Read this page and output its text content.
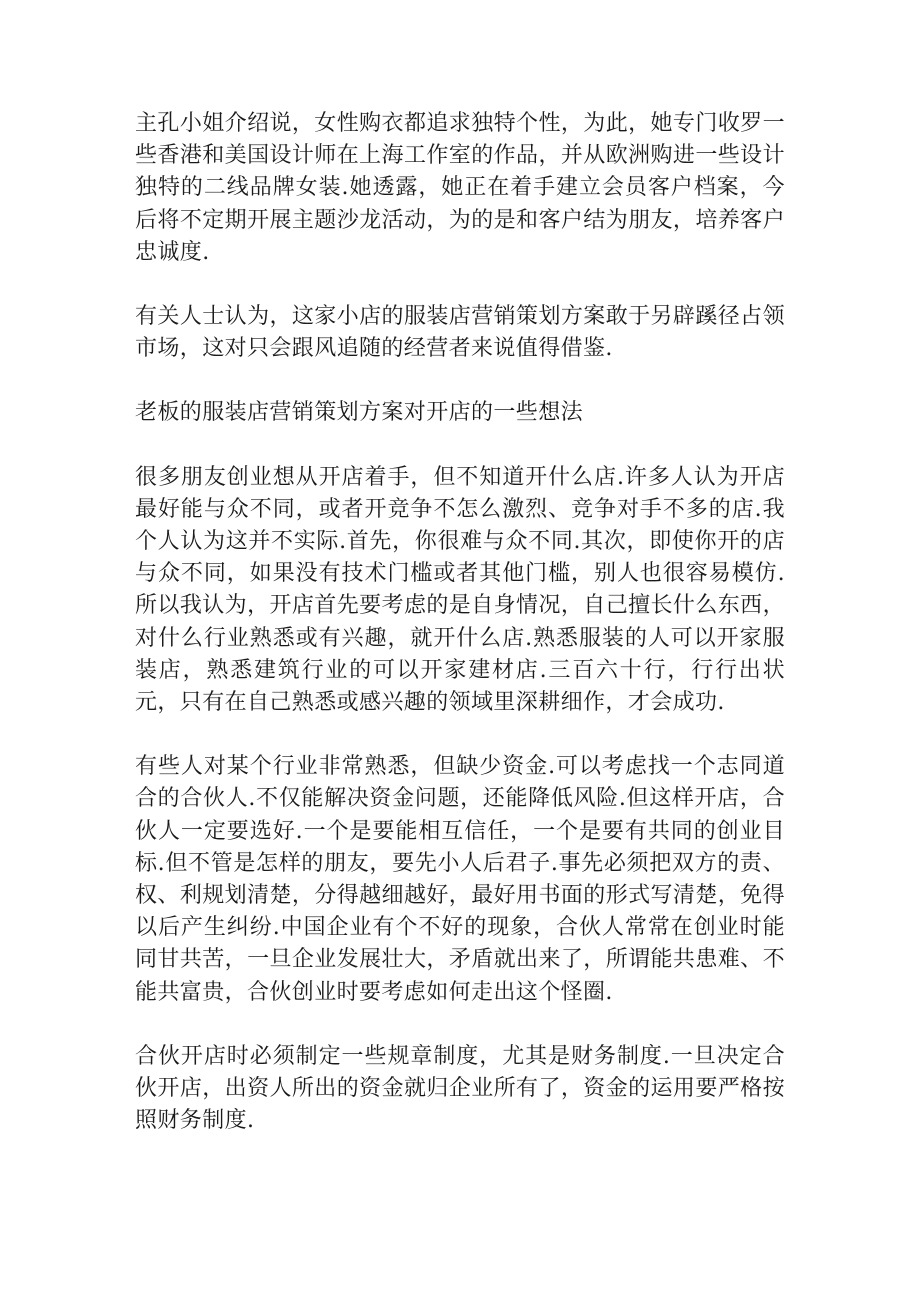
主孔小姐介绍说，女性购衣都追求独特个性，为此，她专门收罗一些香港和美国设计师在上海工作室的作品，并从欧洲购进一些设计独特的二线品牌女装.她透露，她正在着手建立会员客户档案，今后将不定期开展主题沙龙活动，为的是和客户结为朋友，培养客户忠诚度.

有关人士认为，这家小店的服装店营销策划方案敢于另辟蹊径占领市场，这对只会跟风追随的经营者来说值得借鉴.

老板的服装店营销策划方案对开店的一些想法

很多朋友创业想从开店着手，但不知道开什么店.许多人认为开店最好能与众不同，或者开竞争不怎么激烈、竞争对手不多的店.我个人认为这并不实际.首先，你很难与众不同.其次，即使你开的店与众不同，如果没有技术门槛或者其他门槛，别人也很容易模仿.所以我认为，开店首先要考虑的是自身情况，自己擅长什么东西，对什么行业熟悉或有兴趣，就开什么店.熟悉服装的人可以开家服装店，熟悉建筑行业的可以开家建材店.三百六十行，行行出状元，只有在自己熟悉或感兴趣的领域里深耕细作，才会成功.

有些人对某个行业非常熟悉，但缺少资金.可以考虑找一个志同道合的合伙人.不仅能解决资金问题，还能降低风险.但这样开店，合伙人一定要选好.一个是要能相互信任，一个是要有共同的创业目标.但不管是怎样的朋友，要先小人后君子.事先必须把双方的责、权、利规划清楚，分得越细越好，最好用书面的形式写清楚，免得以后产生纠纷.中国企业有个不好的现象，合伙人常常在创业时能同甘共苦，一旦企业发展壮大，矛盾就出来了，所谓能共患难、不能共富贵，合伙创业时要考虑如何走出这个怪圈.

合伙开店时必须制定一些规章制度，尤其是财务制度.一旦决定合伙开店，出资人所出的资金就归企业所有了，资金的运用要严格按照财务制度.
